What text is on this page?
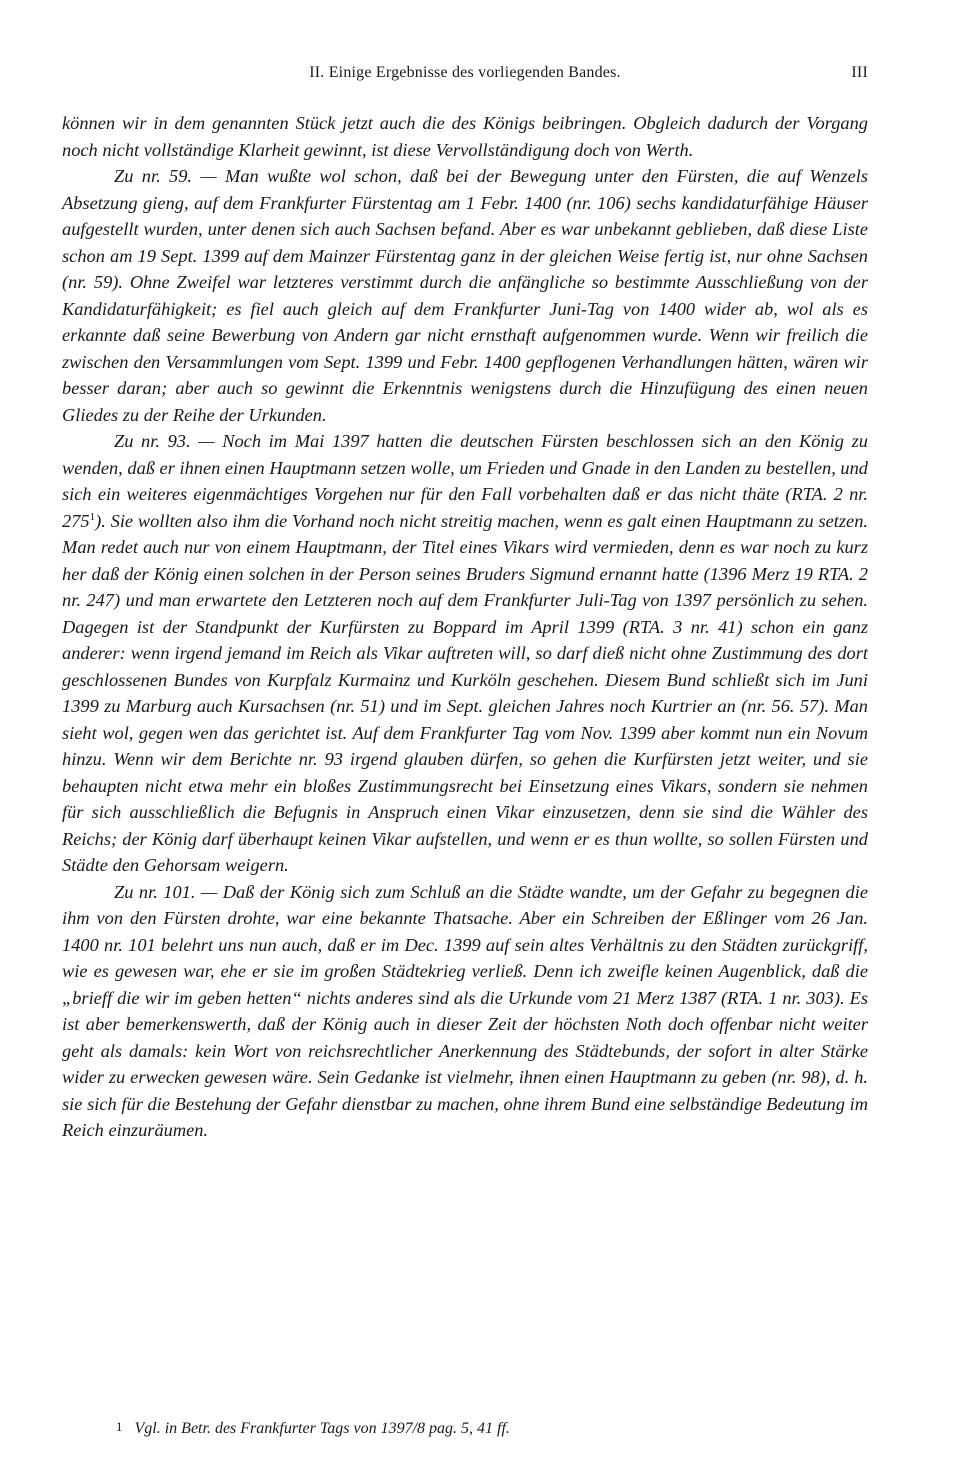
II. Einige Ergebnisse des vorliegenden Bandes.	III

können wir in dem genannten Stück jetzt auch die des Königs beibringen. Obgleich dadurch der Vorgang noch nicht vollständige Klarheit gewinnt, ist diese Vervollständigung doch von Werth.

Zu nr. 59. — Man wußte wol schon, daß bei der Bewegung unter den Fürsten, die auf Wenzels Absetzung gieng, auf dem Frankfurter Fürstentag am 1 Febr. 1400 (nr. 106) sechs kandidaturfähige Häuser aufgestellt wurden, unter denen sich auch Sachsen befand. Aber es war unbekannt geblieben, daß diese Liste schon am 19 Sept. 1399 auf dem Mainzer Fürstentag ganz in der gleichen Weise fertig ist, nur ohne Sachsen (nr. 59). Ohne Zweifel war letzteres verstimmt durch die anfängliche so bestimmte Ausschließung von der Kandidaturfähigkeit; es fiel auch gleich auf dem Frankfurter Juni-Tag von 1400 wider ab, wol als es erkannte daß seine Bewerbung von Andern gar nicht ernsthaft aufgenommen wurde. Wenn wir freilich die zwischen den Versammlungen vom Sept. 1399 und Febr. 1400 gepflogenen Verhandlungen hätten, wären wir besser daran; aber auch so gewinnt die Erkenntnis wenigstens durch die Hinzufügung des einen neuen Gliedes zu der Reihe der Urkunden.

Zu nr. 93. — Noch im Mai 1397 hatten die deutschen Fürsten beschlossen sich an den König zu wenden, daß er ihnen einen Hauptmann setzen wolle, um Frieden und Gnade in den Landen zu bestellen, und sich ein weiteres eigenmächtiges Vorgehen nur für den Fall vorbehalten daß er das nicht thäte (RTA. 2 nr. 275$^1$). Sie wollten also ihm die Vorhand noch nicht streitig machen, wenn es galt einen Hauptmann zu setzen. Man redet auch nur von einem Hauptmann, der Titel eines Vikars wird vermieden, denn es war noch zu kurz her daß der König einen solchen in der Person seines Bruders Sigmund ernannt hatte (1396 Merz 19 RTA. 2 nr. 247) und man erwartete den Letzteren noch auf dem Frankfurter Juli-Tag von 1397 persönlich zu sehen. Dagegen ist der Standpunkt der Kurfürsten zu Boppard im April 1399 (RTA. 3 nr. 41) schon ein ganz anderer: wenn irgend jemand im Reich als Vikar auftreten will, so darf dieß nicht ohne Zustimmung des dort geschlossenen Bundes von Kurpfalz Kurmainz und Kurköln geschehen. Diesem Bund schließt sich im Juni 1399 zu Marburg auch Kursachsen (nr. 51) und im Sept. gleichen Jahres noch Kurtrier an (nr. 56. 57). Man sieht wol, gegen wen das gerichtet ist. Auf dem Frankfurter Tag vom Nov. 1399 aber kommt nun ein Novum hinzu. Wenn wir dem Berichte nr. 93 irgend glauben dürfen, so gehen die Kurfürsten jetzt weiter, und sie behaupten nicht etwa mehr ein bloßes Zustimmungsrecht bei Einsetzung eines Vikars, sondern sie nehmen für sich ausschließlich die Befugnis in Anspruch einen Vikar einzusetzen, denn sie sind die Wähler des Reichs; der König darf überhaupt keinen Vikar aufstellen, und wenn er es thun wollte, so sollen Fürsten und Städte den Gehorsam weigern.

Zu nr. 101. — Daß der König sich zum Schluß an die Städte wandte, um der Gefahr zu begegnen die ihm von den Fürsten drohte, war eine bekannte Thatsache. Aber ein Schreiben der Eßlinger vom 26 Jan. 1400 nr. 101 belehrt uns nun auch, daß er im Dec. 1399 auf sein altes Verhältnis zu den Städten zurückgriff, wie es gewesen war, ehe er sie im großen Städtekrieg verließ. Denn ich zweifle keinen Augenblick, daß die „brieff die wir im geben hetten“ nichts anderes sind als die Urkunde vom 21 Merz 1387 (RTA. 1 nr. 303). Es ist aber bemerkenswerth, daß der König auch in dieser Zeit der höchsten Noth doch offenbar nicht weiter geht als damals: kein Wort von reichsrechtlicher Anerkennung des Städtebunds, der sofort in alter Stärke wider zu erwecken gewesen wäre. Sein Gedanke ist vielmehr, ihnen einen Hauptmann zu geben (nr. 98), d. h. sie sich für die Bestehung der Gefahr dienstbar zu machen, ohne ihrem Bund eine selbständige Bedeutung im Reich einzuräumen.

1 Vgl. in Betr. des Frankfurter Tags von 1397/8 pag. 5, 41 ff.
